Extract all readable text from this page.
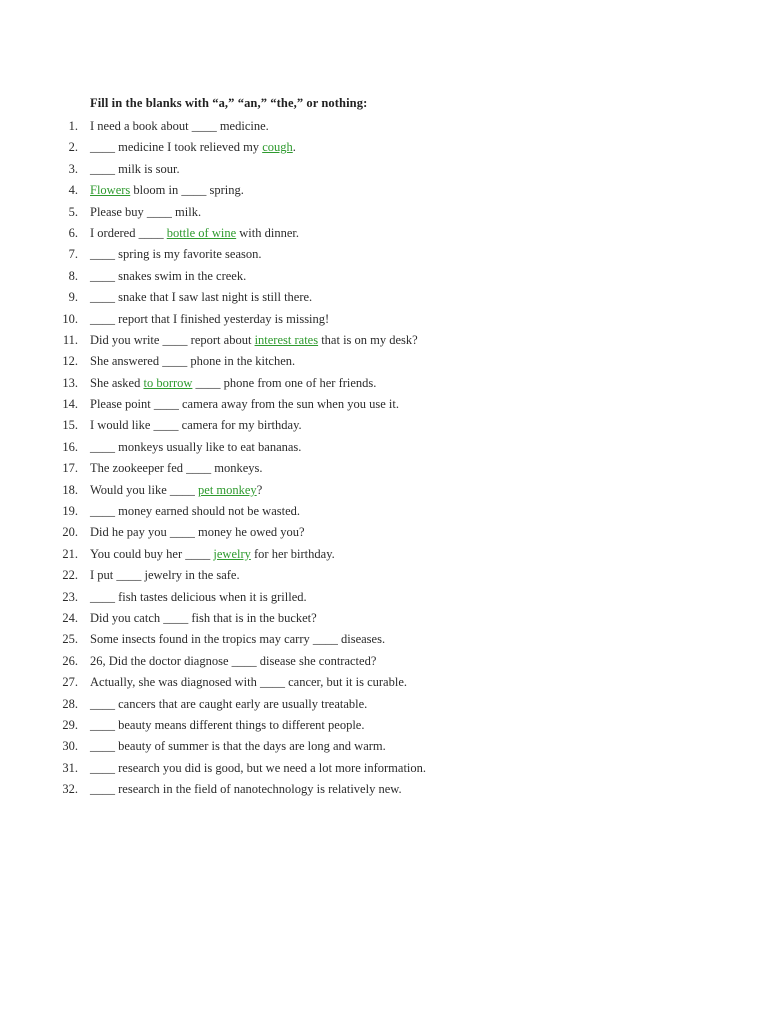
Fill in the blanks with “a,” “an,” “the,” or nothing:
1. I need a book about ____ medicine.
2. ____ medicine I took relieved my cough.
3. ____ milk is sour.
4. Flowers bloom in ____ spring.
5. Please buy ____ milk.
6. I ordered ____ bottle of wine with dinner.
7. ____ spring is my favorite season.
8. ____ snakes swim in the creek.
9. ____ snake that I saw last night is still there.
10. ____ report that I finished yesterday is missing!
11. Did you write ____ report about interest rates that is on my desk?
12. She answered ____ phone in the kitchen.
13. She asked to borrow ____ phone from one of her friends.
14. Please point ____ camera away from the sun when you use it.
15. I would like ____ camera for my birthday.
16. ____ monkeys usually like to eat bananas.
17. The zookeeper fed ____ monkeys.
18. Would you like ____ pet monkey?
19. ____ money earned should not be wasted.
20. Did he pay you ____ money he owed you?
21. You could buy her ____ jewelry for her birthday.
22. I put ____ jewelry in the safe.
23. ____ fish tastes delicious when it is grilled.
24. Did you catch ____ fish that is in the bucket?
25. Some insects found in the tropics may carry ____ diseases.
26. 26, Did the doctor diagnose ____ disease she contracted?
27. Actually, she was diagnosed with ____ cancer, but it is curable.
28. ____ cancers that are caught early are usually treatable.
29. ____ beauty means different things to different people.
30. ____ beauty of summer is that the days are long and warm.
31. ____ research you did is good, but we need a lot more information.
32. ____ research in the field of nanotechnology is relatively new.
